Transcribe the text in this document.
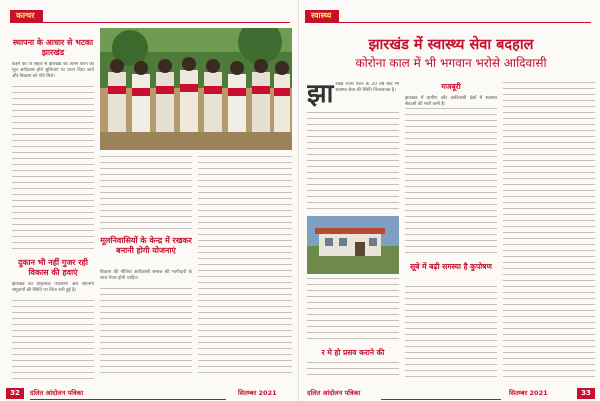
कल्चर
स्थापना के आधार से भटका झारखंड
कहने को तो बिहार से झारखंड को अलग करने का मूल आदिवास होने सुविधाएं पर ध्यान दिया जाये और विकास को गति मिले।
दुकान भी नहीं गुजर रही विकास की हवाएं
झारखंड का प्राकृतिक पर्यावरण और स्थानीय समुदायों की स्थिति पर चिंता बनी हुई है।
मूलनिवासियों के केन्द्र में रखकर बनानी होगी योजनाएं
विकास की नीतियां आदिवासी समाज की भागीदारी के साथ तैयार होनी चाहिए।
32	दलित आंदोलन पत्रिका	सितम्बर 2021
स्वास्थ्य
झारखंड में स्वास्थ्य सेवा बदहाल
कोरोना काल में भी भगवान भरोसे आदिवासी
झा रखंड राज्य गठन के 20 वर्ष बाद भी स्वास्थ्य सेवा की स्थिति चिंताजनक है।
र मे हो प्रसव कराने की
मजबूरी
झारखंड में ग्रामीण और आदिवासी क्षेत्रों में स्वास्थ्य सेवाओं की भारी कमी है।
सूबे में बढ़ी समस्या है कुपोषण
दलित आंदोलन पत्रिका	सितम्बर 2021	33
